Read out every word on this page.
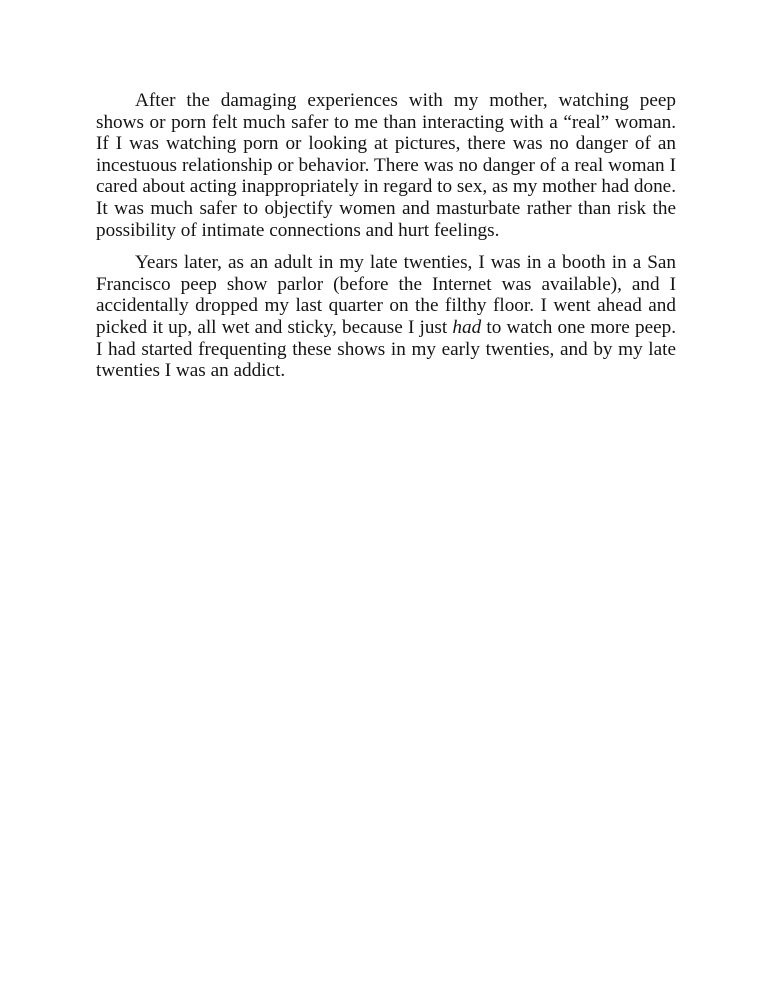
After the damaging experiences with my mother, watching peep shows or porn felt much safer to me than interacting with a “real” woman. If I was watching porn or looking at pictures, there was no danger of an incestuous relationship or behavior. There was no danger of a real woman I cared about acting inappropriately in regard to sex, as my mother had done. It was much safer to objectify women and masturbate rather than risk the possibility of intimate connections and hurt feelings.

Years later, as an adult in my late twenties, I was in a booth in a San Francisco peep show parlor (before the Internet was available), and I accidentally dropped my last quarter on the filthy floor. I went ahead and picked it up, all wet and sticky, because I just had to watch one more peep. I had started frequenting these shows in my early twenties, and by my late twenties I was an addict.
